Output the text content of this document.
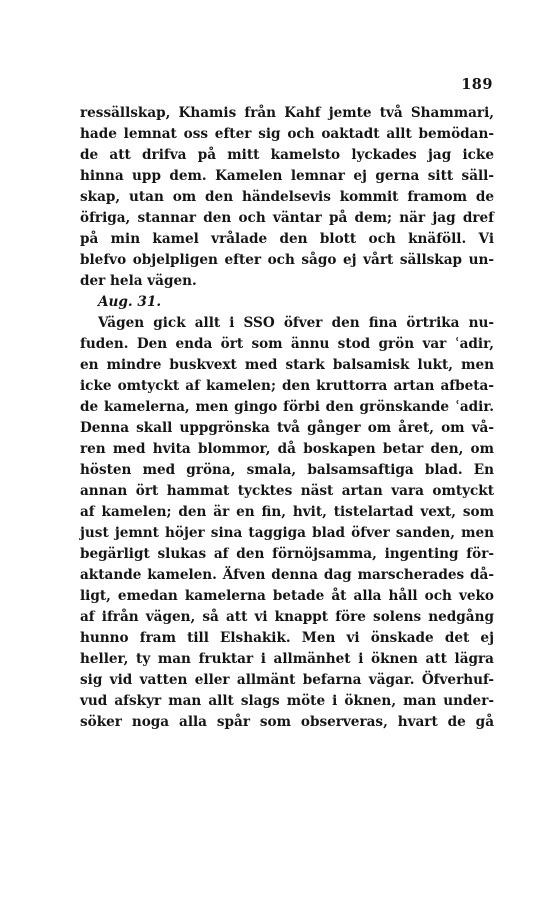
189
ressällskap, Khamis från Kahf jemte två Shammari,
hade lemnat oss efter sig och oaktadt allt bemödan-
de att drifva på mitt kamelsto lyckades jag icke
hinna upp dem. Kamelen lemnar ej gerna sitt säll-
skap, utan om den händelsevis kommit framom de
öfriga, stannar den och väntar på dem; när jag dref
på min kamel vrålade den blott och knäföll. Vi
blefvo objelpligen efter och sågo ej vårt sällskap un-
der hela vägen.
Aug. 31.
Vägen gick allt i SSO öfver den fina örtrika nu-
fuden. Den enda ört som ännu stod grön var ʿadir,
en mindre buskvext med stark balsamisk lukt, men
icke omtyckt af kamelen; den kruttorra artan afbeta-
de kamelerna, men gingo förbi den grönskande ʿadir.
Denna skall uppgrönska två gånger om året, om vå-
ren med hvita blommor, då boskapen betar den, om
hösten med gröna, smala, balsamsaftiga blad. En
annan ört hammat tycktes näst artan vara omtyckt
af kamelen; den är en fin, hvit, tistelartad vext, som
just jemnt höjer sina taggiga blad öfver sanden, men
begärligt slukas af den förnöjsamma, ingenting för-
aktande kamelen. Äfven denna dag marscherades då-
ligt, emedan kamelerna betade åt alla håll och veko
af ifrån vägen, så att vi knappt före solens nedgång
hunno fram till Elshakik. Men vi önskade det ej
heller, ty man fruktar i allmänhet i öknen att lägra
sig vid vatten eller allmänt befarna vägar. Öfverhuf-
vud afskyr man allt slags möte i öknen, man under-
söker noga alla spår som observeras, hvart de gå
